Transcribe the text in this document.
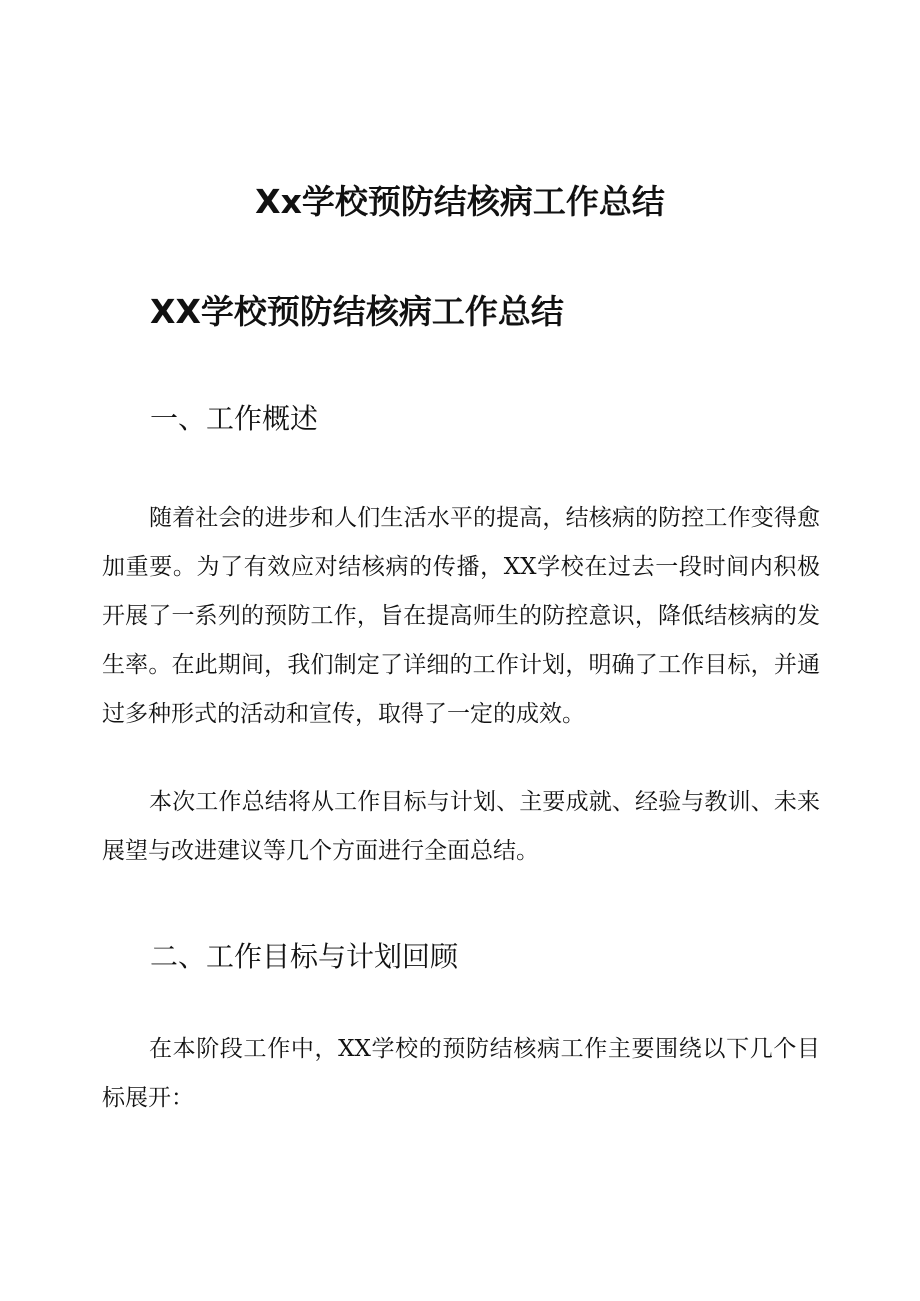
Xx学校预防结核病工作总结
XX学校预防结核病工作总结
一、工作概述

随着社会的进步和人们生活水平的提高，结核病的防控工作变得愈加重要。为了有效应对结核病的传播，XX学校在过去一段时间内积极开展了一系列的预防工作，旨在提高师生的防控意识，降低结核病的发生率。在此期间，我们制定了详细的工作计划，明确了工作目标，并通过多种形式的活动和宣传，取得了一定的成效。

本次工作总结将从工作目标与计划、主要成就、经验与教训、未来展望与改进建议等几个方面进行全面总结。

二、工作目标与计划回顾

在本阶段工作中，XX学校的预防结核病工作主要围绕以下几个目标展开：
